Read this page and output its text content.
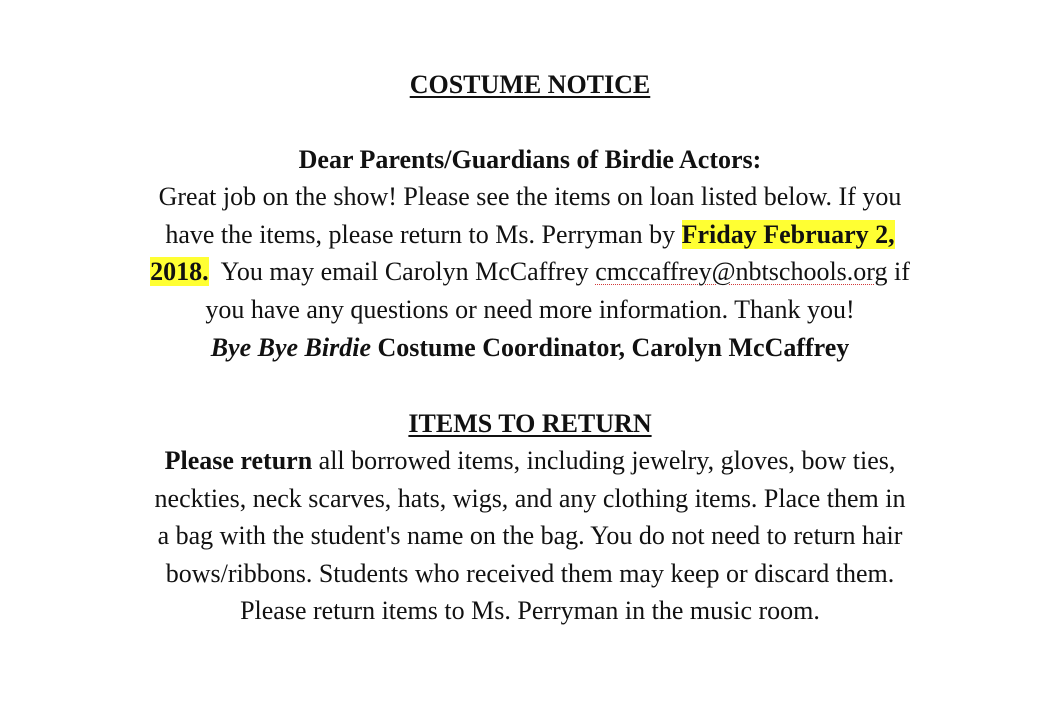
COSTUME NOTICE
Dear Parents/Guardians of Birdie Actors:
Great job on the show! Please see the items on loan listed below. If you
have the items, please return to Ms. Perryman by Friday February 2,
2018.  You may email Carolyn McCaffrey cmccaffrey@nbtschools.org if
you have any questions or need more information. Thank you!
Bye Bye Birdie Costume Coordinator, Carolyn McCaffrey
ITEMS TO RETURN
Please return all borrowed items, including jewelry, gloves, bow ties,
neckties, neck scarves, hats, wigs, and any clothing items. Place them in
a bag with the student's name on the bag. You do not need to return hair
bows/ribbons. Students who received them may keep or discard them.
Please return items to Ms. Perryman in the music room.
